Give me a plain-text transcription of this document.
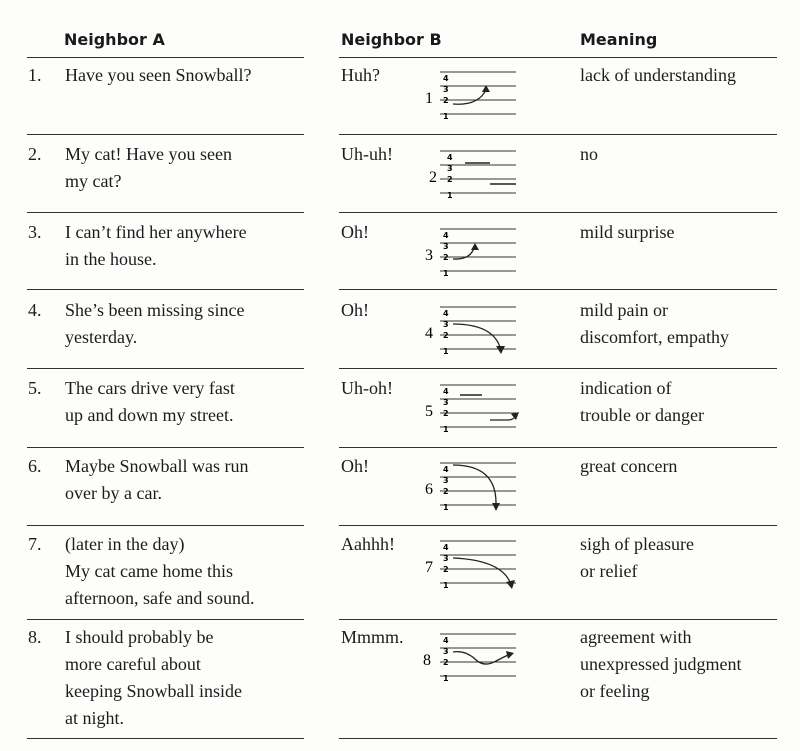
Neighbor A	Neighbor B	Meaning
1. Have you seen Snowball?	Huh?	lack of understanding
4
3
2
1
1
2. My cat! Have you seen
my cat?
Uh-uh!	no
4
3
2
1
2
3. I can’t find her anywhere
in the house.
Oh!	mild surprise
4
3
2
1
3
4. She’s been missing since
yesterday.
Oh!	mild pain or
discomfort, empathy
4
3
2
1
4
5. The cars drive very fast
up and down my street.
Uh-oh!	indication of
trouble or danger
4
3
2
1
5
6. Maybe Snowball was run
over by a car.
Oh!	great concern
4
3
2
1
6
7. (later in the day)
My cat came home this
afternoon, safe and sound.
Aahhh!	sigh of pleasure
or relief
4
3
2
1
7
8. I should probably be
more careful about
keeping Snowball inside
at night.
Mmmm.	agreement with
unexpressed judgment
or feeling
4
3
2
1
8
